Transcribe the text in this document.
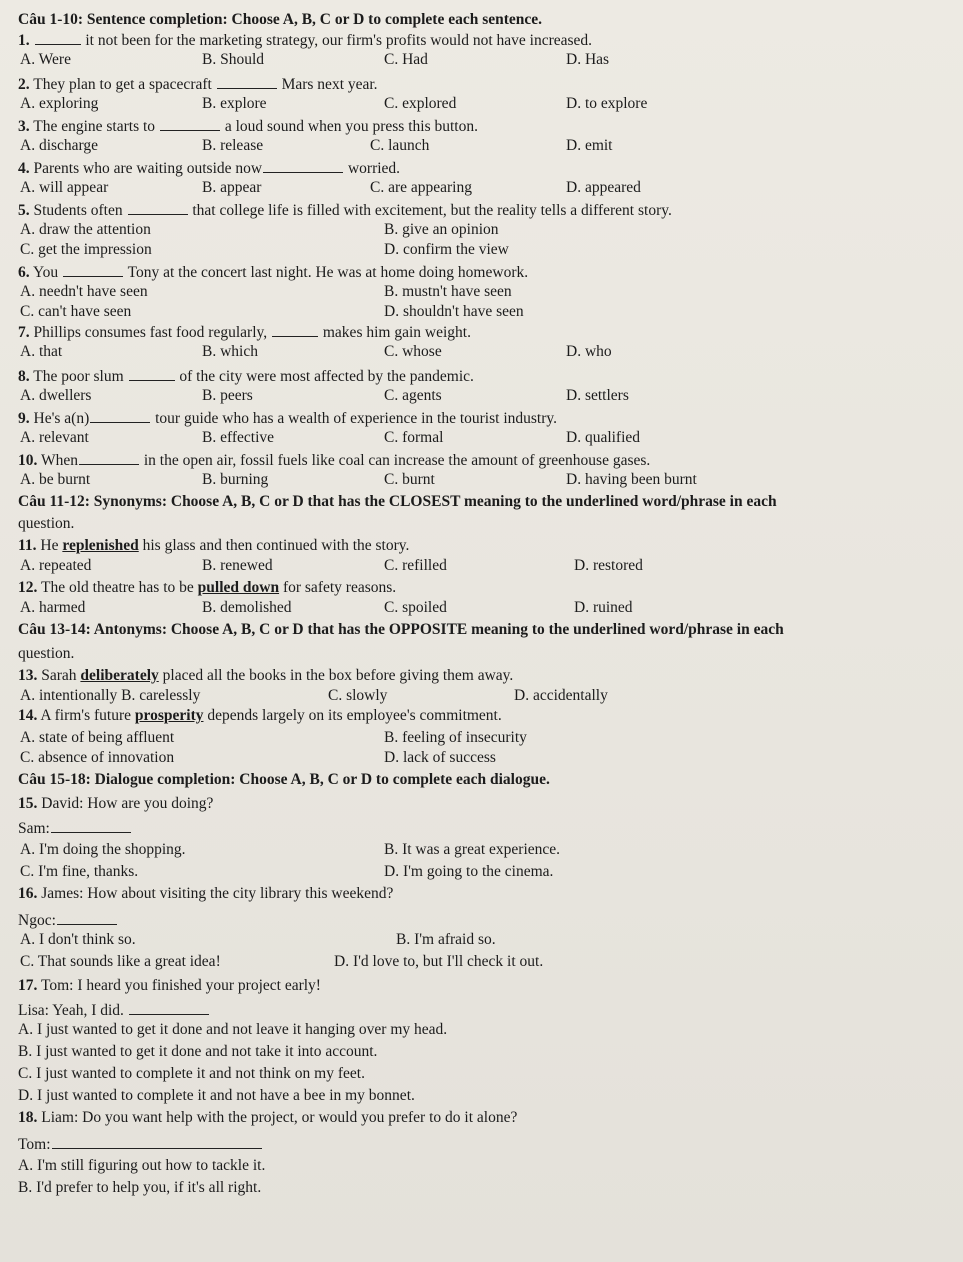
Câu 1-10: Sentence completion: Choose A, B, C or D to complete each sentence.
1.	it not been for the marketing strategy, our firm's profits would not have increased.
A. Were	B. Should	C. Had	D. Has
2. They plan to get a spacecraft	Mars next year.
A. exploring	B. explore	C. explored	D. to explore
3. The engine starts to	a loud sound when you press this button.
A. discharge	B. release	C. launch	D. emit
4. Parents who are waiting outside now	worried.
A. will appear	B. appear	C. are appearing	D. appeared
5. Students often	that college life is filled with excitement, but the reality tells a different story.
A. draw the attention	B. give an opinion
C. get the impression	D. confirm the view
6. You	Tony at the concert last night. He was at home doing homework.
A. needn't have seen	B. mustn't have seen
C. can't have seen	D. shouldn't have seen
7. Phillips consumes fast food regularly,	makes him gain weight.
A. that	B. which	C. whose	D. who
8. The poor slum	of the city were most affected by the pandemic.
A. dwellers	B. peers	C. agents	D. settlers
9. He's a(n)	tour guide who has a wealth of experience in the tourist industry.
A. relevant	B. effective	C. formal	D. qualified
10. When	in the open air, fossil fuels like coal can increase the amount of greenhouse gases.
A. be burnt	B. burning	C. burnt	D. having been burnt
Câu 11-12: Synonyms: Choose A, B, C or D that has the CLOSEST meaning to the underlined word/phrase in each
question.
11. He replenished his glass and then continued with the story.
A. repeated	B. renewed	C. refilled	D. restored
12. The old theatre has to be pulled down for safety reasons.
A. harmed	B. demolished	C. spoiled	D. ruined
Câu 13-14: Antonyms: Choose A, B, C or D that has the OPPOSITE meaning to the underlined word/phrase in each
question.
13. Sarah deliberately placed all the books in the box before giving them away.
A. intentionally B. carelessly	C. slowly	D. accidentally
14. A firm's future prosperity depends largely on its employee's commitment.
A. state of being affluent	B. feeling of insecurity
C. absence of innovation	D. lack of success
Câu 15-18: Dialogue completion: Choose A, B, C or D to complete each dialogue.
15. David: How are you doing?
Sam:
A. I'm doing the shopping.	B. It was a great experience.
C. I'm fine, thanks.	D. I'm going to the cinema.
16. James: How about visiting the city library this weekend?
Ngoc:
A. I don't think so.	B. I'm afraid so.
C. That sounds like a great idea!	D. I'd love to, but I'll check it out.
17. Tom: I heard you finished your project early!
Lisa: Yeah, I did.
A. I just wanted to get it done and not leave it hanging over my head.
B. I just wanted to get it done and not take it into account.
C. I just wanted to complete it and not think on my feet.
D. I just wanted to complete it and not have a bee in my bonnet.
18. Liam: Do you want help with the project, or would you prefer to do it alone?
Tom:
A. I'm still figuring out how to tackle it.
B. I'd prefer to help you, if it's all right.
